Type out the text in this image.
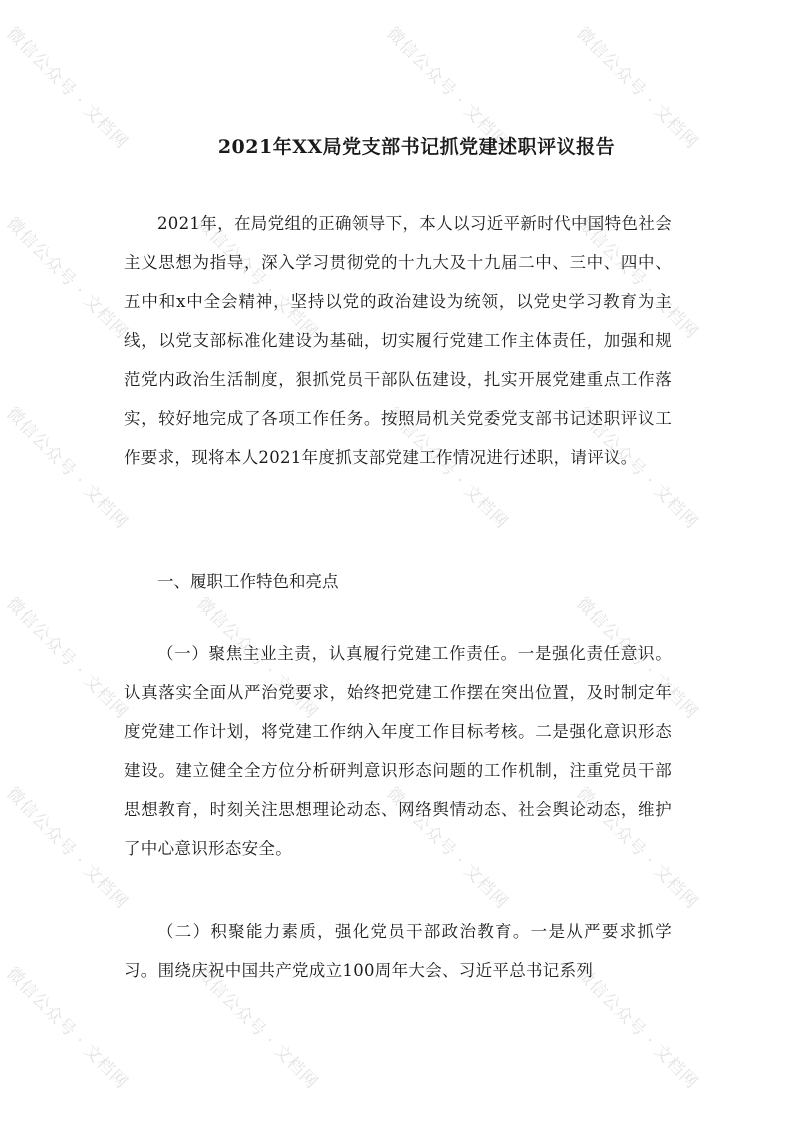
微信公众号 · 文档网	微信公众号 · 文档网	微信公众号 · 文档网
微信公众号 · 文档网	微信公众号 · 文档网	微信公众号 · 文档网
微信公众号 · 文档网	微信公众号 · 文档网	微信公众号 · 文档网
微信公众号 · 文档网	微信公众号 · 文档网	微信公众号 · 文档网
微信公众号 · 文档网	微信公众号 · 文档网	微信公众号 · 文档网
微信公众号 · 文档网	微信公众号 · 文档网	微信公众号 · 文档网
2021年XX局党支部书记抓党建述职评议报告

2021年，在局党组的正确领导下，本人以习近平新时代中国特色社会主义思想为指导，深入学习贯彻党的十九大及十九届二中、三中、四中、五中和x中全会精神，坚持以党的政治建设为统领，以党史学习教育为主线，以党支部标准化建设为基础，切实履行党建工作主体责任，加强和规范党内政治生活制度，狠抓党员干部队伍建设，扎实开展党建重点工作落实，较好地完成了各项工作任务。按照局机关党委党支部书记述职评议工作要求，现将本人2021年度抓支部党建工作情况进行述职，请评议。

一、履职工作特色和亮点

（一）聚焦主业主责，认真履行党建工作责任。一是强化责任意识。认真落实全面从严治党要求，始终把党建工作摆在突出位置，及时制定年度党建工作计划，将党建工作纳入年度工作目标考核。二是强化意识形态建设。建立健全全方位分析研判意识形态问题的工作机制，注重党员干部思想教育，时刻关注思想理论动态、网络舆情动态、社会舆论动态，维护了中心意识形态安全。

（二）积聚能力素质，强化党员干部政治教育。一是从严要求抓学习。围绕庆祝中国共产党成立100周年大会、习近平总书记系列
